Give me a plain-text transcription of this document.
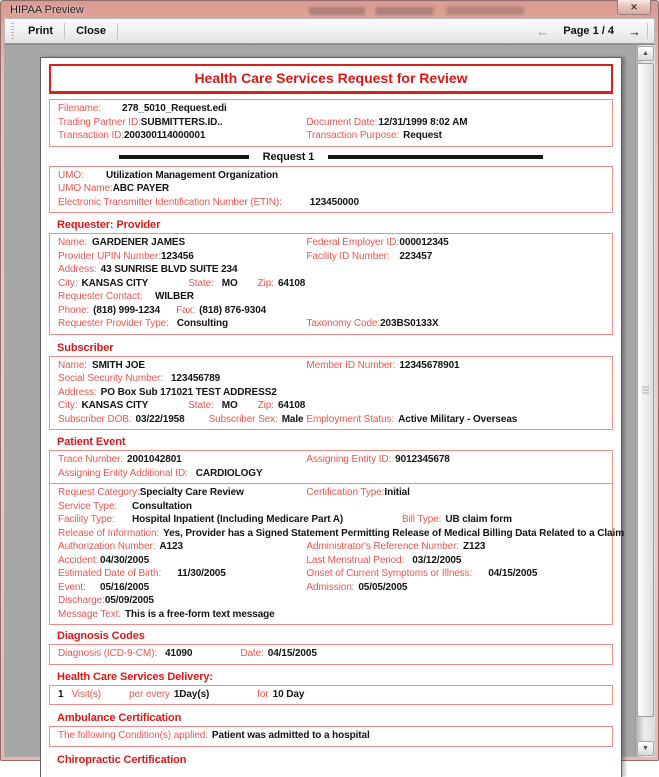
HIPAA Preview	✕
Print	Close	←	Page 1 / 4	→
Health Care Services Request for Review
Filename: 278_5010_Request.edi
Trading Partner ID:SUBMITTERS.ID..	Document Date:12/31/1999 8:02 AM
Transaction ID:200300114000001	Transaction Purpose: Request
Request 1
UMO: Utilization Management Organization
UMO Name:ABC PAYER
Electronic Transmitter Identification Number (ETIN):	123450000
Requester: Provider
Name: GARDENER JAMES	Federal Employer ID:000012345
Provider UPIN Number:123456	Facility ID Number: 223457
Address: 43 SUNRISE BLVD SUITE 234
City: KANSAS CITY	State: MO Zip: 64108
Requester Contact: WILBER
Phone: (818) 999-1234 Fax: (818) 876-9304
Requester Provider Type: Consulting	Taxonomy Code:203BS0133X
Subscriber
Name: SMITH JOE	Member ID Number: 12345678901
Social Security Number: 123456789
Address: PO Box Sub 171021 TEST ADDRESS2
City: KANSAS CITY	State: MO Zip: 64108
Subscriber DOB: 03/22/1958 Subscriber Sex: Male Employment Status: Active Military - Overseas
Patient Event
Trace Number: 2001042801	Assigning Entity ID: 9012345678
Assigning Entity Additional ID: CARDIOLOGY
Request Category:Specialty Care Review	Certification Type:Initial
Service Type: Consultation
Facility Type: Hospital Inpatient (Including Medicare Part A)	Bill Type: UB claim form
Release of Information: Yes, Provider has a Signed Statement Permitting Release of Medical Billing Data Related to a Claim
Authorization Number: A123	Administrator's Reference Number: Z123
Accident: 04/30/2005	Last Menstrual Period: 03/12/2005
Estimated Date of Birth: 11/30/2005	Onset of Current Symptoms or Illness: 04/15/2005
Event: 05/16/2005	Admission: 05/05/2005
Discharge:05/09/2005
Message Text: This is a free-form text message
Diagnosis Codes
Diagnosis (ICD-9-CM): 41090	Date: 04/15/2005
Health Care Services Delivery:
1 Visit(s)	per every 1Day(s)	for 10 Day
Ambulance Certification
The following Condition(s) applied: Patient was admitted to a hospital
Chiropractic Certification
▲
▼
